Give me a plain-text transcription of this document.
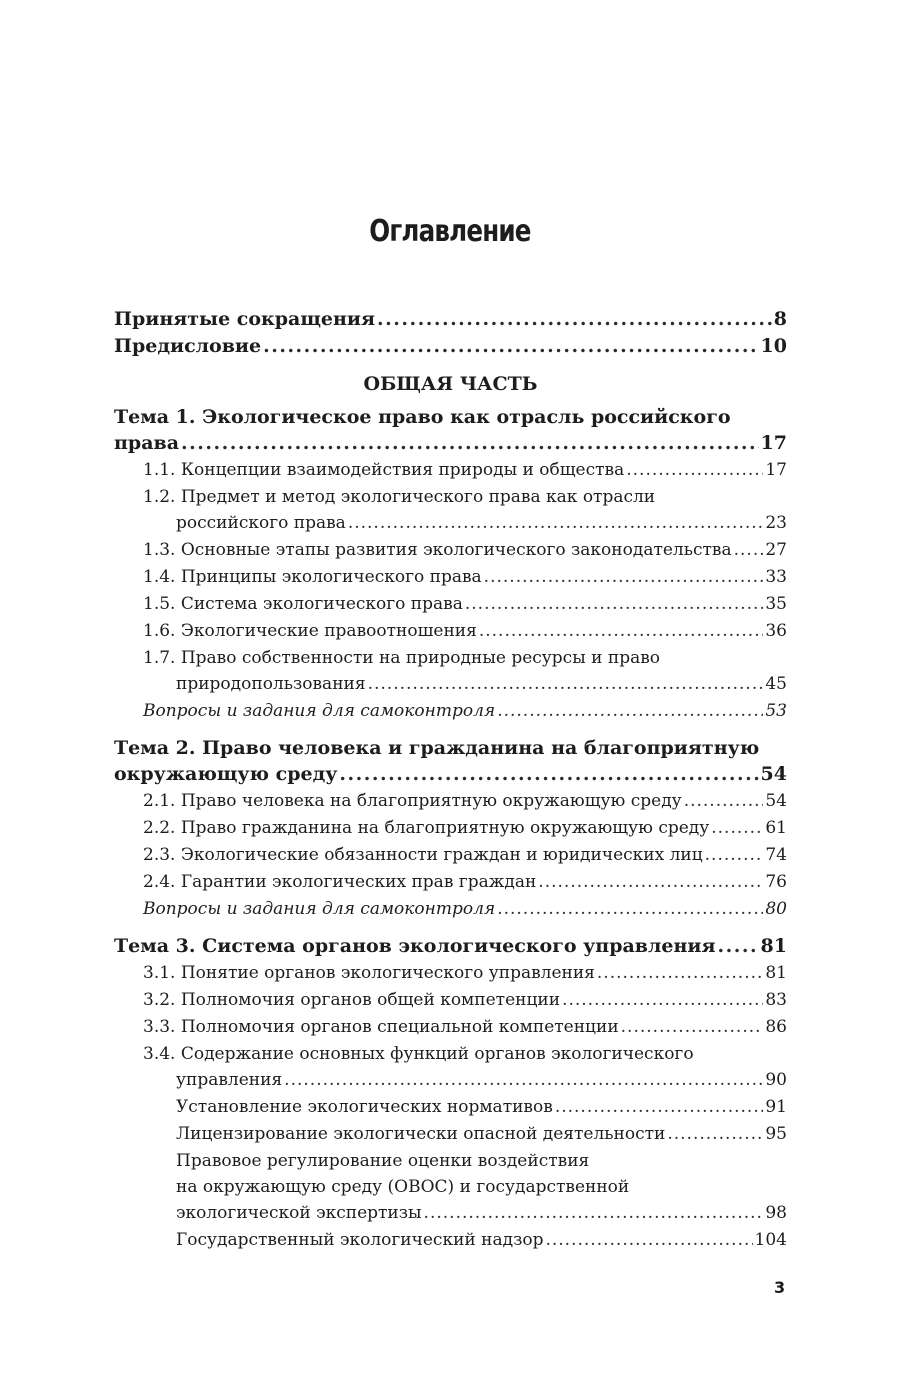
Оглавление
Принятые сокращения .....	8
Предисловие .....	10
ОБЩАЯ ЧАСТЬ
Тема 1. Экологическое право как отрасль российского
права .....	17
1.1. Концепции взаимодействия природы и общества .....	17
1.2. Предмет и метод экологического права как отрасли
российского права .....	23
1.3. Основные этапы развития экологического законодательства ..... 27
1.4. Принципы экологического права .....	33
1.5. Система экологического права .....	35
1.6. Экологические правоотношения .....	36
1.7. Право собственности на природные ресурсы и право
природопользования .....	45
Вопросы и задания для самоконтроля .....	53
Тема 2. Право человека и гражданина на благоприятную
окружающую среду .....	54
2.1. Право человека на благоприятную окружающую среду .....	54
2.2. Право гражданина на благоприятную окружающую среду .....	61
2.3. Экологические обязанности граждан и юридических лиц .....	74
2.4. Гарантии экологических прав граждан .....	76
Вопросы и задания для самоконтроля .....	80
Тема 3. Система органов экологического управления ..... 81
3.1. Понятие органов экологического управления .....	81
3.2. Полномочия органов общей компетенции .....	83
3.3. Полномочия органов специальной компетенции .....	86
3.4. Содержание основных функций органов экологического
управления .....	90
Установление экологических нормативов .....	91
Лицензирование экологически опасной деятельности .....	95
Правовое регулирование оценки воздействия
на окружающую среду (ОВОС) и государственной
экологической экспертизы .....	98
Государственный экологический надзор .....	104
3
